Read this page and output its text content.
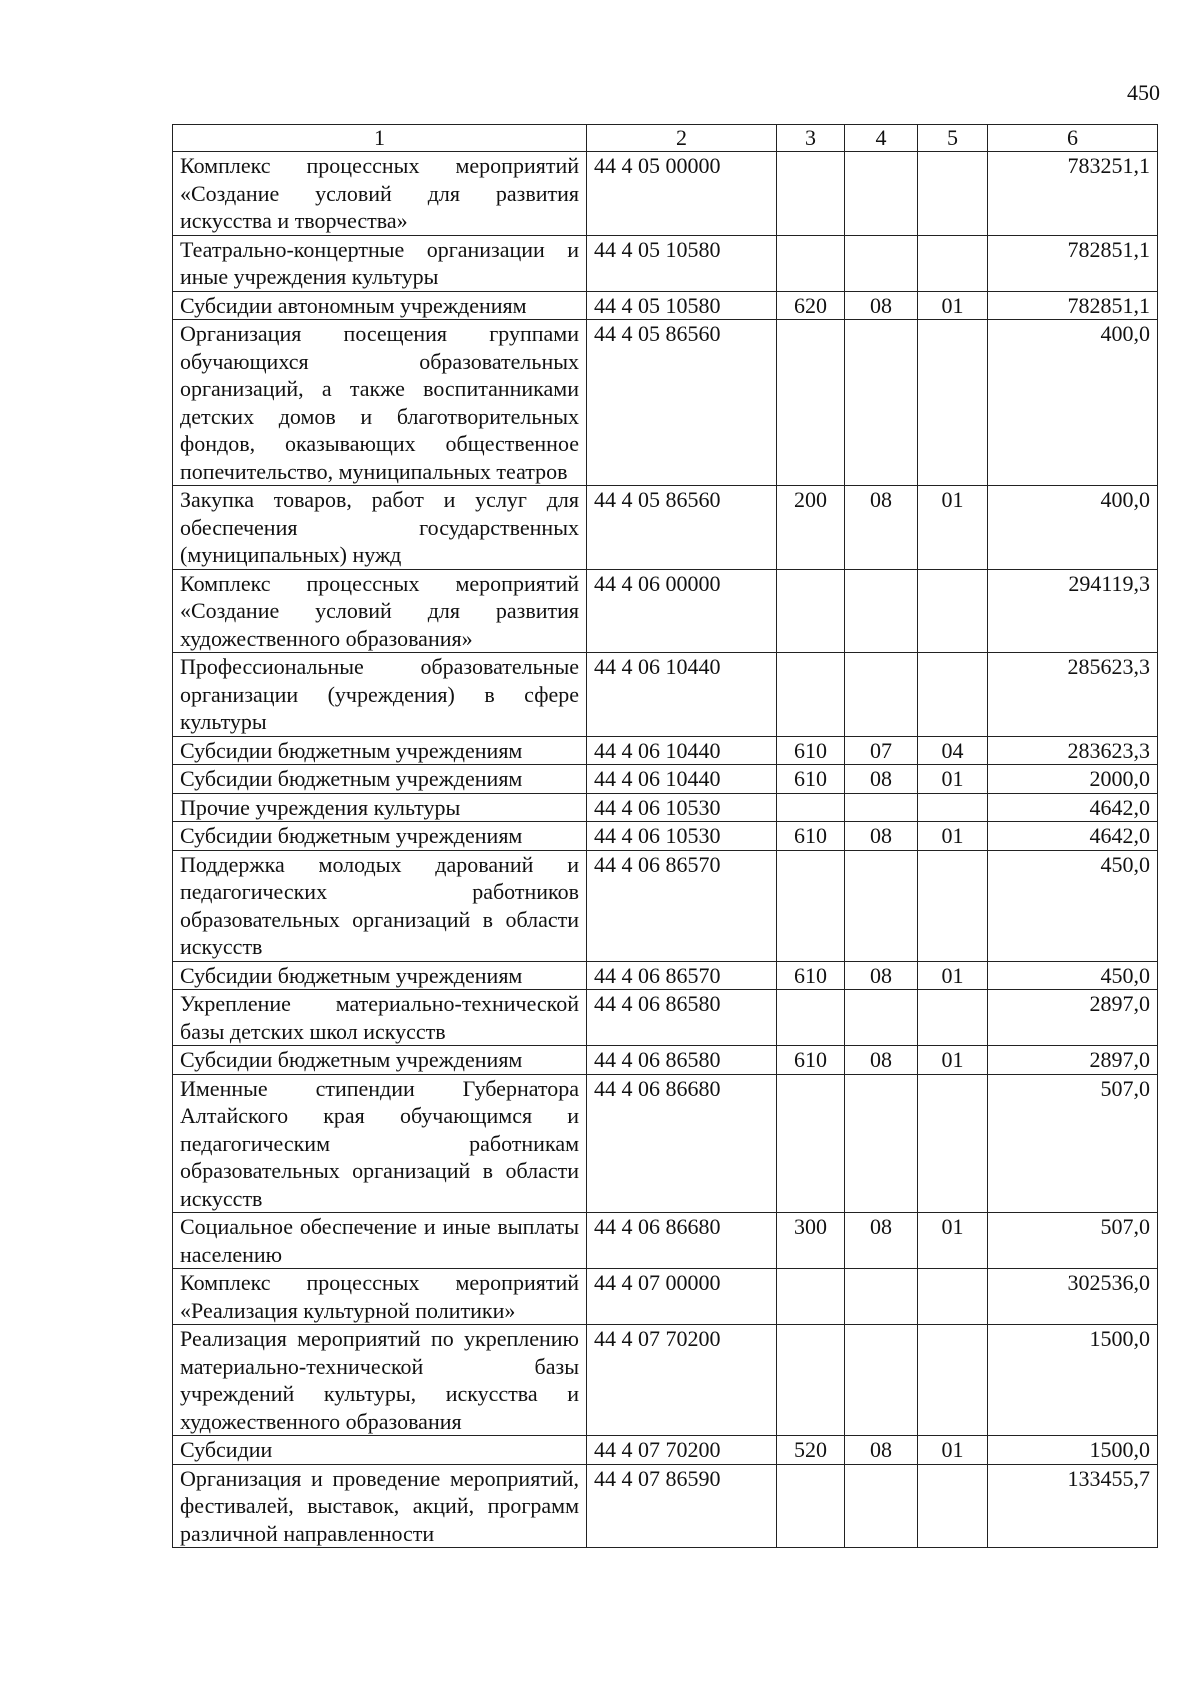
450
1	2	3	4	5	6
Комплекс процессных мероприятий «Создание условий для развития искусства и творчества»	44 4 05 00000				783251,1
Театрально-концертные организации и иные учреждения культуры	44 4 05 10580				782851,1
Субсидии автономным учреждениям	44 4 05 10580	620	08	01	782851,1
Организация посещения группами обучающихся образовательных организаций, а также воспитанниками детских домов и благотворительных фондов, оказывающих общественное попечительство, муниципальных театров	44 4 05 86560				400,0
Закупка товаров, работ и услуг для обеспечения государственных (муниципальных) нужд	44 4 05 86560	200	08	01	400,0
Комплекс процессных мероприятий «Создание условий для развития художественного образования»	44 4 06 00000				294119,3
Профессиональные образовательные организации (учреждения) в сфере культуры	44 4 06 10440				285623,3
Субсидии бюджетным учреждениям	44 4 06 10440	610	07	04	283623,3
Субсидии бюджетным учреждениям	44 4 06 10440	610	08	01	2000,0
Прочие учреждения культуры	44 4 06 10530				4642,0
Субсидии бюджетным учреждениям	44 4 06 10530	610	08	01	4642,0
Поддержка молодых дарований и педагогических работников образовательных организаций в области искусств	44 4 06 86570				450,0
Субсидии бюджетным учреждениям	44 4 06 86570	610	08	01	450,0
Укрепление материально-технической базы детских школ искусств	44 4 06 86580				2897,0
Субсидии бюджетным учреждениям	44 4 06 86580	610	08	01	2897,0
Именные стипендии Губернатора Алтайского края обучающимся и педагогическим работникам образовательных организаций в области искусств	44 4 06 86680				507,0
Социальное обеспечение и иные выплаты населению	44 4 06 86680	300	08	01	507,0
Комплекс процессных мероприятий «Реализация культурной политики»	44 4 07 00000				302536,0
Реализация мероприятий по укреплению материально-технической базы учреждений культуры, искусства и художественного образования	44 4 07 70200				1500,0
Субсидии	44 4 07 70200	520	08	01	1500,0
Организация и проведение мероприятий, фестивалей, выставок, акций, программ различной направленности	44 4 07 86590				133455,7
